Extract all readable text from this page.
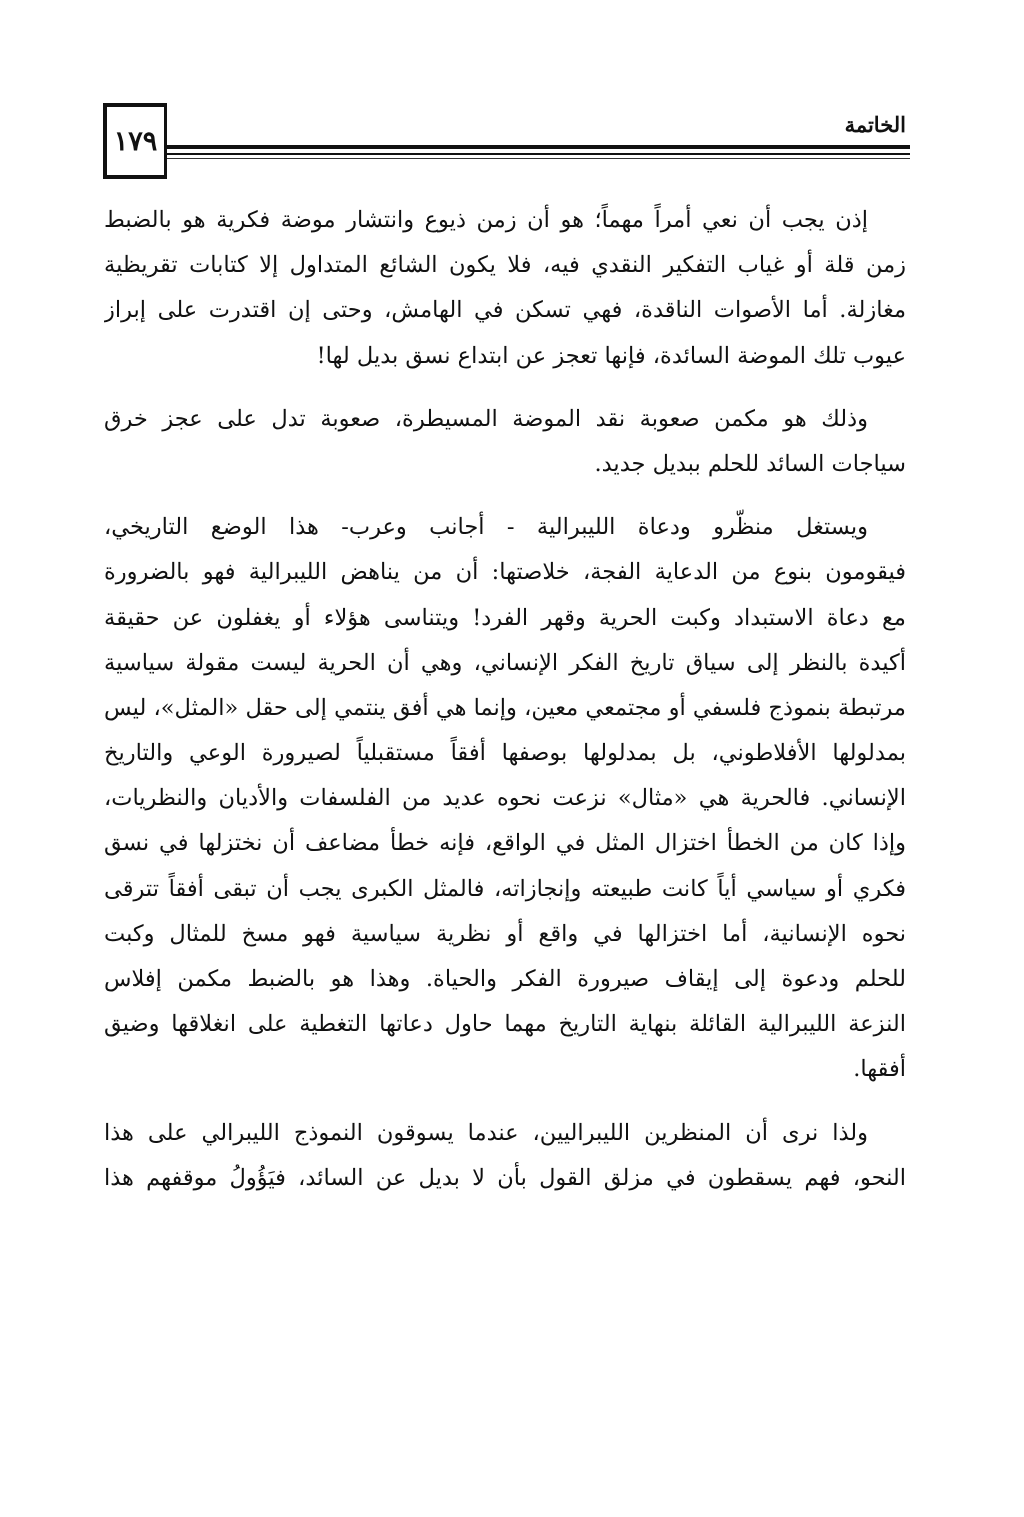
الخاتمة
١٧٩
إذن يجب أن نعي أمراً مهماً؛ هو أن زمن ذيوع وانتشار موضة فكرية هو بالضبط
زمن قلة أو غياب التفكير النقدي فيه، فلا يكون الشائع المتداول إلا كتابات تقريظية
مغازلة. أما الأصوات الناقدة، فهي تسكن في الهامش، وحتى إن اقتدرت على إبراز
عيوب تلك الموضة السائدة، فإنها تعجز عن ابتداع نسق بديل لها!
وذلك هو مكمن صعوبة نقد الموضة المسيطرة، صعوبة تدل على عجز خرق
سياجات السائد للحلم ببديل جديد.
ويستغل منظّرو ودعاة الليبرالية - أجانب وعرب- هذا الوضع التاريخي،
فيقومون بنوع من الدعاية الفجة، خلاصتها: أن من يناهض الليبرالية فهو بالضرورة
مع دعاة الاستبداد وكبت الحرية وقهر الفرد! ويتناسى هؤلاء أو يغفلون عن حقيقة
أكيدة بالنظر إلى سياق تاريخ الفكر الإنساني، وهي أن الحرية ليست مقولة سياسية
مرتبطة بنموذج فلسفي أو مجتمعي معين، وإنما هي أفق ينتمي إلى حقل «المثل»، ليس
بمدلولها الأفلاطوني، بل بمدلولها بوصفها أفقاً مستقبلياً لصيرورة الوعي والتاريخ
الإنساني. فالحرية هي «مثال» نزعت نحوه عديد من الفلسفات والأديان والنظريات،
وإذا كان من الخطأ اختزال المثل في الواقع، فإنه خطأ مضاعف أن نختزلها في نسق
فكري أو سياسي أياً كانت طبيعته وإنجازاته، فالمثل الكبرى يجب أن تبقى أفقاً تترقى
نحوه الإنسانية، أما اختزالها في واقع أو نظرية سياسية فهو مسخ للمثال وكبت
للحلم ودعوة إلى إيقاف صيرورة الفكر والحياة. وهذا هو بالضبط مكمن إفلاس
النزعة الليبرالية القائلة بنهاية التاريخ مهما حاول دعاتها التغطية على انغلاقها وضيق
أفقها.
ولذا نرى أن المنظرين الليبراليين، عندما يسوقون النموذج الليبرالي على هذا
النحو، فهم يسقطون في مزلق القول بأن لا بديل عن السائد، فيَؤُولُ موقفهم هذا
